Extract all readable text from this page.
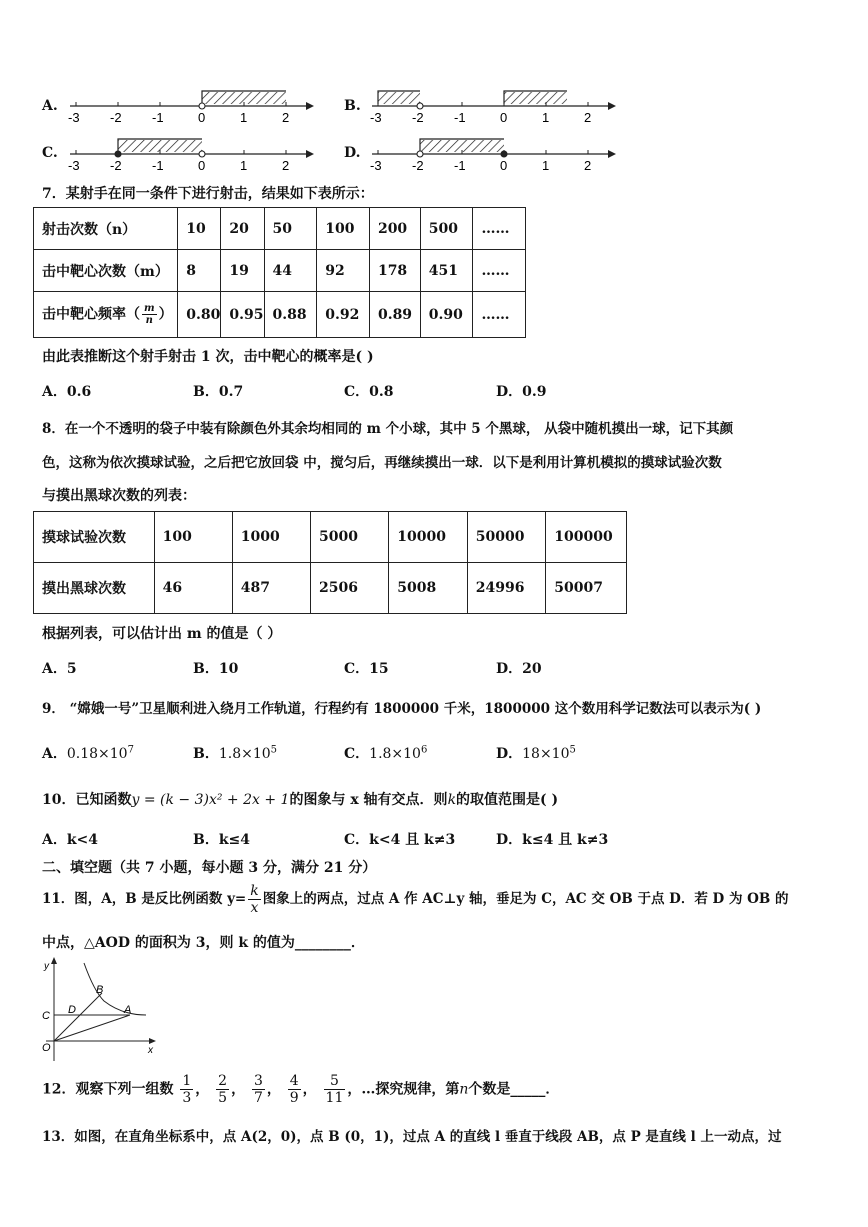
A.	B.
C.	D.
-3 -2 -1	0	1	2	-3 -2 -1	0	1	2
-3 -2 -1	0	1	2	-3 -2 -1	0	1	2
7．某射手在同一条件下进行射击，结果如下表所示：
射击次数（n）	10	20	50	100	200	500	……
击中靶心次数（m）	8	19	44	92	178	451	……
击中靶心频率（ $\frac{m}{n}$ ）	0.80	0.95	0.88	0.92	0.89	0.90	……
由此表推断这个射手射击 1 次，击中靶心的概率是( )
A．0.6	B．0.7	C．0.8	D．0.9
8．在一个不透明的袋子中装有除颜色外其余均相同的 m 个小球，其中 5 个黑球， 从袋中随机摸出一球，记下其颜
色，这称为依次摸球试验，之后把它放回袋 中，搅匀后，再继续摸出一球．以下是利用计算机模拟的摸球试验次数
与摸出黑球次数的列表：
摸球试验次数	100	1000	5000	10000	50000	100000
摸出黑球次数	46	487	2506	5008	24996	50007
根据列表，可以估计出 m 的值是（ ）
A．5	B．10	C．15	D．20
9． “嫦娥一号”卫星顺利进入绕月工作轨道，行程约有 1800000 千米，1800000 这个数用科学记数法可以表示为( )
A．$0.18\times 10^7$	B．$1.8\times 10^5$	C．$1.8\times 10^6$	D．$18\times 10^5$
10．已知函数y = (k − 3)x² + 2x + 1的图象与 x 轴有交点．则k的取值范围是( )
A．k<4	B．k≤4	C．k<4 且 k≠3	D．k≤4 且 k≠3
二、填空题（共 7 小题，每小题 3 分，满分 21 分）
11．图，A，B 是反比例函数 $y= \frac{k}{x}$ 图象上的两点，过点 A 作 AC⊥y 轴，垂足为 C，AC 交 OB 于点 D．若 D 为 OB 的
中点，△AOD 的面积为 3，则 k 的值为________．
y
x
O
C D
B
A
12．观察下列一组数 $\frac{1}{3}$ ， $\frac{2}{5}$ ， $\frac{3}{7}$ ， $\frac{4}{9}$ ， $\frac{5}{11}$ ，…探究规律，第n个数是_____．
13．如图，在直角坐标系中，点 A(2，0)，点 B (0，1)，过点 A 的直线 l 垂直于线段 AB，点 P 是直线 l 上一动点，过
